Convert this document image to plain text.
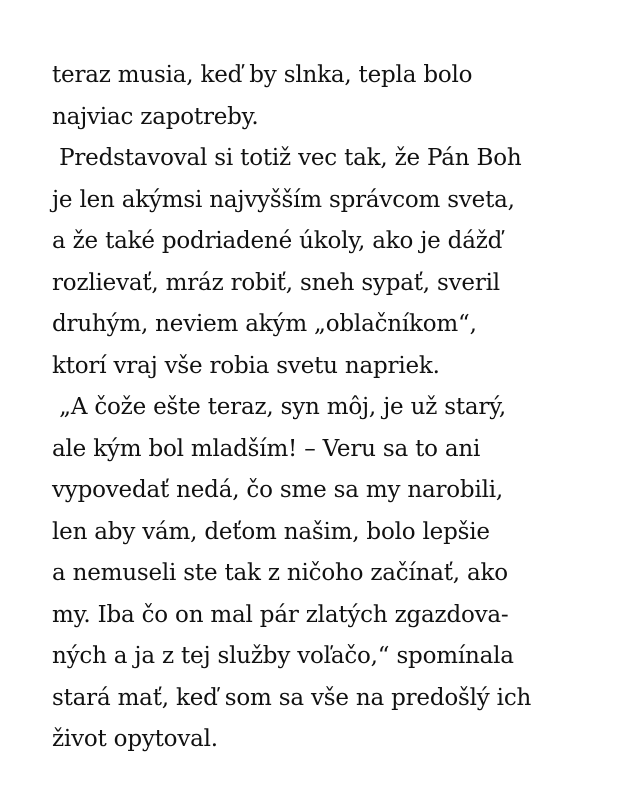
teraz musia, keď by slnka, tepla bolo
najviac zapotreby.
Predstavoval si totiž vec tak, že Pán Boh
je len akýmsi najvyšším správcom sveta,
a že také podriadené úkoly, ako je dážď
rozlievať, mráz robiť, sneh sypať, sveril
druhým, neviem akým „oblačníkom“,
ktorí vraj vše robia svetu napriek.
„A čože ešte teraz, syn môj, je už starý,
ale kým bol mladším! – Veru sa to ani
vypovedať nedá, čo sme sa my narobili,
len aby vám, deťom našim, bolo lepšie
a nemuseli ste tak z ničoho začínať, ako
my. Iba čo on mal pár zlatých zgazdova-
ných a ja z tej služby voľačo,“ spomínala
stará mať, keď som sa vše na predošlý ich
život opytoval.
